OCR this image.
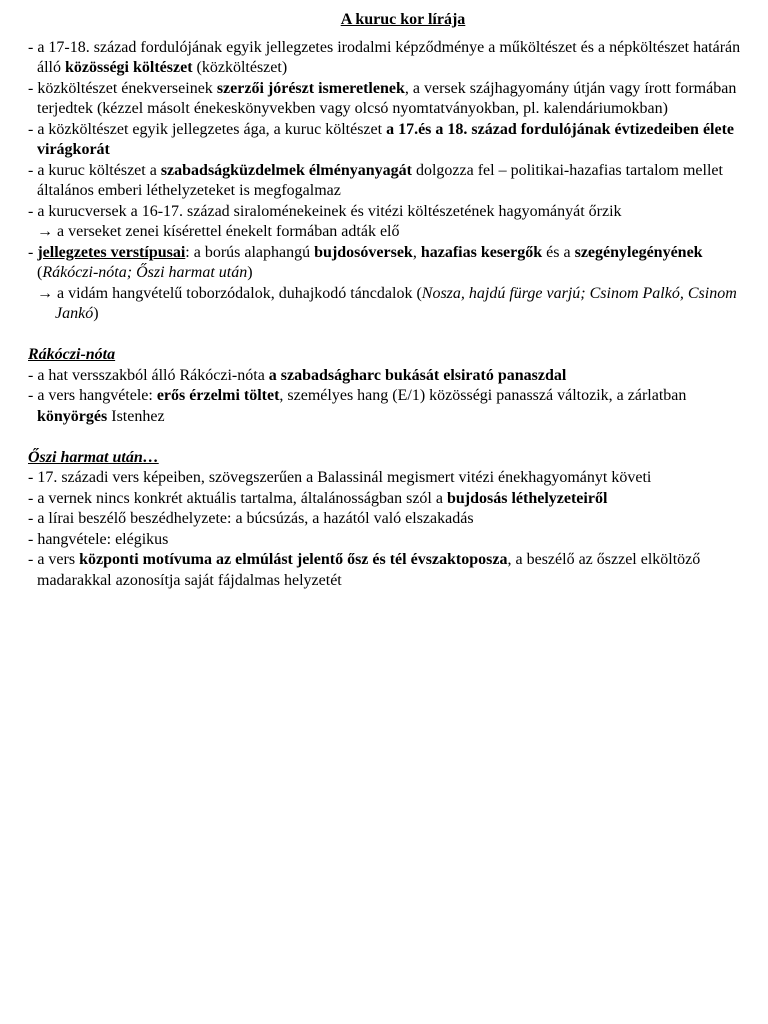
A kuruc kor lírája

- a 17-18. század fordulójának egyik jellegzetes irodalmi képződménye a műköltészet és a népköltészet határán álló közösségi költészet (közköltészet)

- közköltészet énekverseinek szerzői jórészt ismeretlenek, a versek szájhagyomány útján vagy írott formában terjedtek (kézzel másolt énekeskönyvekben vagy olcsó nyomtatványokban, pl. kalendáriumokban)

- a közköltészet egyik jellegzetes ága, a kuruc költészet a 17.és a 18. század fordulójának évtizedeiben élete virágkorát

- a kuruc költészet a szabadságküzdelmek élményanyagát dolgozza fel – politikai-hazafias tartalom mellet általános emberi léthelyzeteket is megfogalmaz

- a kurucversek a 16-17. század siraloménekeinek és vitézi költészetének hagyományát őrzik

→ a verseket zenei kísérettel énekelt formában adták elő

- jellegzetes verstípusai: a borús alaphangú bujdosóversek, hazafias kesergők és a szegénylegényének (Rákóczi-nóta; Őszi harmat után)

→ a vidám hangvételű toborzódalok, duhajkodó táncdalok (Nosza, hajdú fürge varjú; Csinom Palkó, Csinom Jankó)

Rákóczi-nóta

- a hat versszakból álló Rákóczi-nóta a szabadságharc bukását elsirató panaszdal

- a vers hangvétele: erős érzelmi töltet, személyes hang (E/1) közösségi panasszá változik, a zárlatban könyörgés Istenhez

Őszi harmat után…

- 17. századi vers képeiben, szövegszerűen a Balassinál megismert vitézi énekhagyományt követi

- a vernek nincs konkrét aktuális tartalma, általánosságban szól a bujdosás léthelyzeteiről

- a lírai beszélő beszédhelyzete: a búcsúzás, a hazától való elszakadás

- hangvétele: elégikus

- a vers központi motívuma az elmúlást jelentő ősz és tél évszaktoposza, a beszélő az őszzel elköltöző madarakkal azonosítja saját fájdalmas helyzetét
